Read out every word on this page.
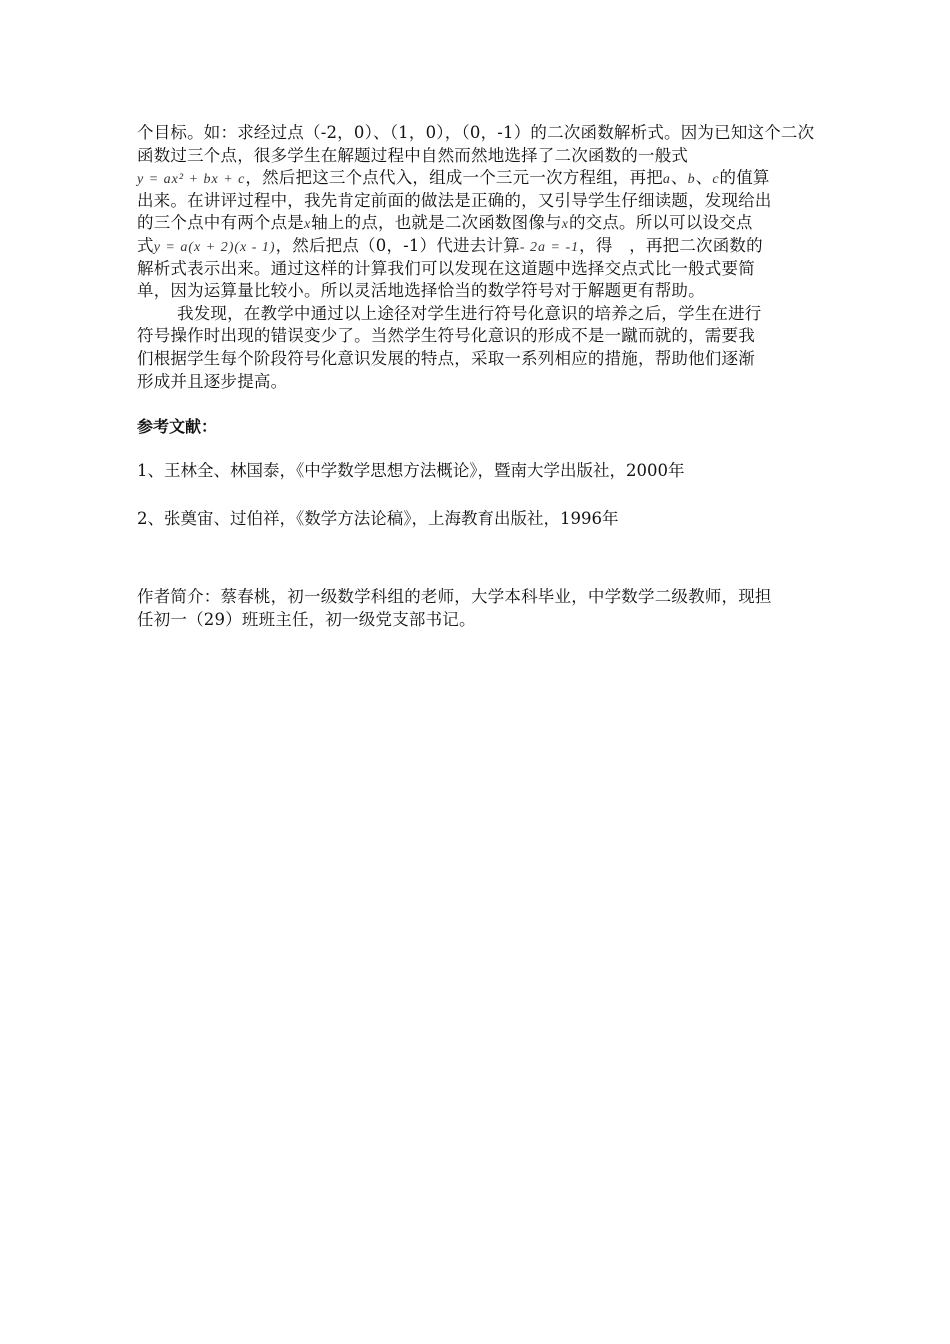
个目标。如：求经过点（-2，0）、（1，0），（0，-1）的二次函数解析式。因为已知这个二次
函数过三个点，很多学生在解题过程中自然而然地选择了二次函数的一般式
y = ax² + bx + c，然后把这三个点代入，组成一个三元一次方程组，再把a、b、c的值算
出来。在讲评过程中，我先肯定前面的做法是正确的，又引导学生仔细读题，发现给出
的三个点中有两个点是x轴上的点，也就是二次函数图像与x的交点。所以可以设交点
式y = a(x + 2)(x - 1)，然后把点（0，-1）代进去计算- 2a = -1，得　，再把二次函数的
解析式表示出来。通过这样的计算我们可以发现在这道题中选择交点式比一般式要简
单，因为运算量比较小。所以灵活地选择恰当的数学符号对于解题更有帮助。
我发现，在教学中通过以上途径对学生进行符号化意识的培养之后，学生在进行
符号操作时出现的错误变少了。当然学生符号化意识的形成不是一蹴而就的，需要我
们根据学生每个阶段符号化意识发展的特点，采取一系列相应的措施，帮助他们逐渐
形成并且逐步提高。
参考文献：
1、王林全、林国泰，《中学数学思想方法概论》，暨南大学出版社，2000年
2、张奠宙、过伯祥，《数学方法论稿》，上海教育出版社，1996年
作者简介：蔡春桃，初一级数学科组的老师，大学本科毕业，中学数学二级教师，现担
任初一（29）班班主任，初一级党支部书记。
